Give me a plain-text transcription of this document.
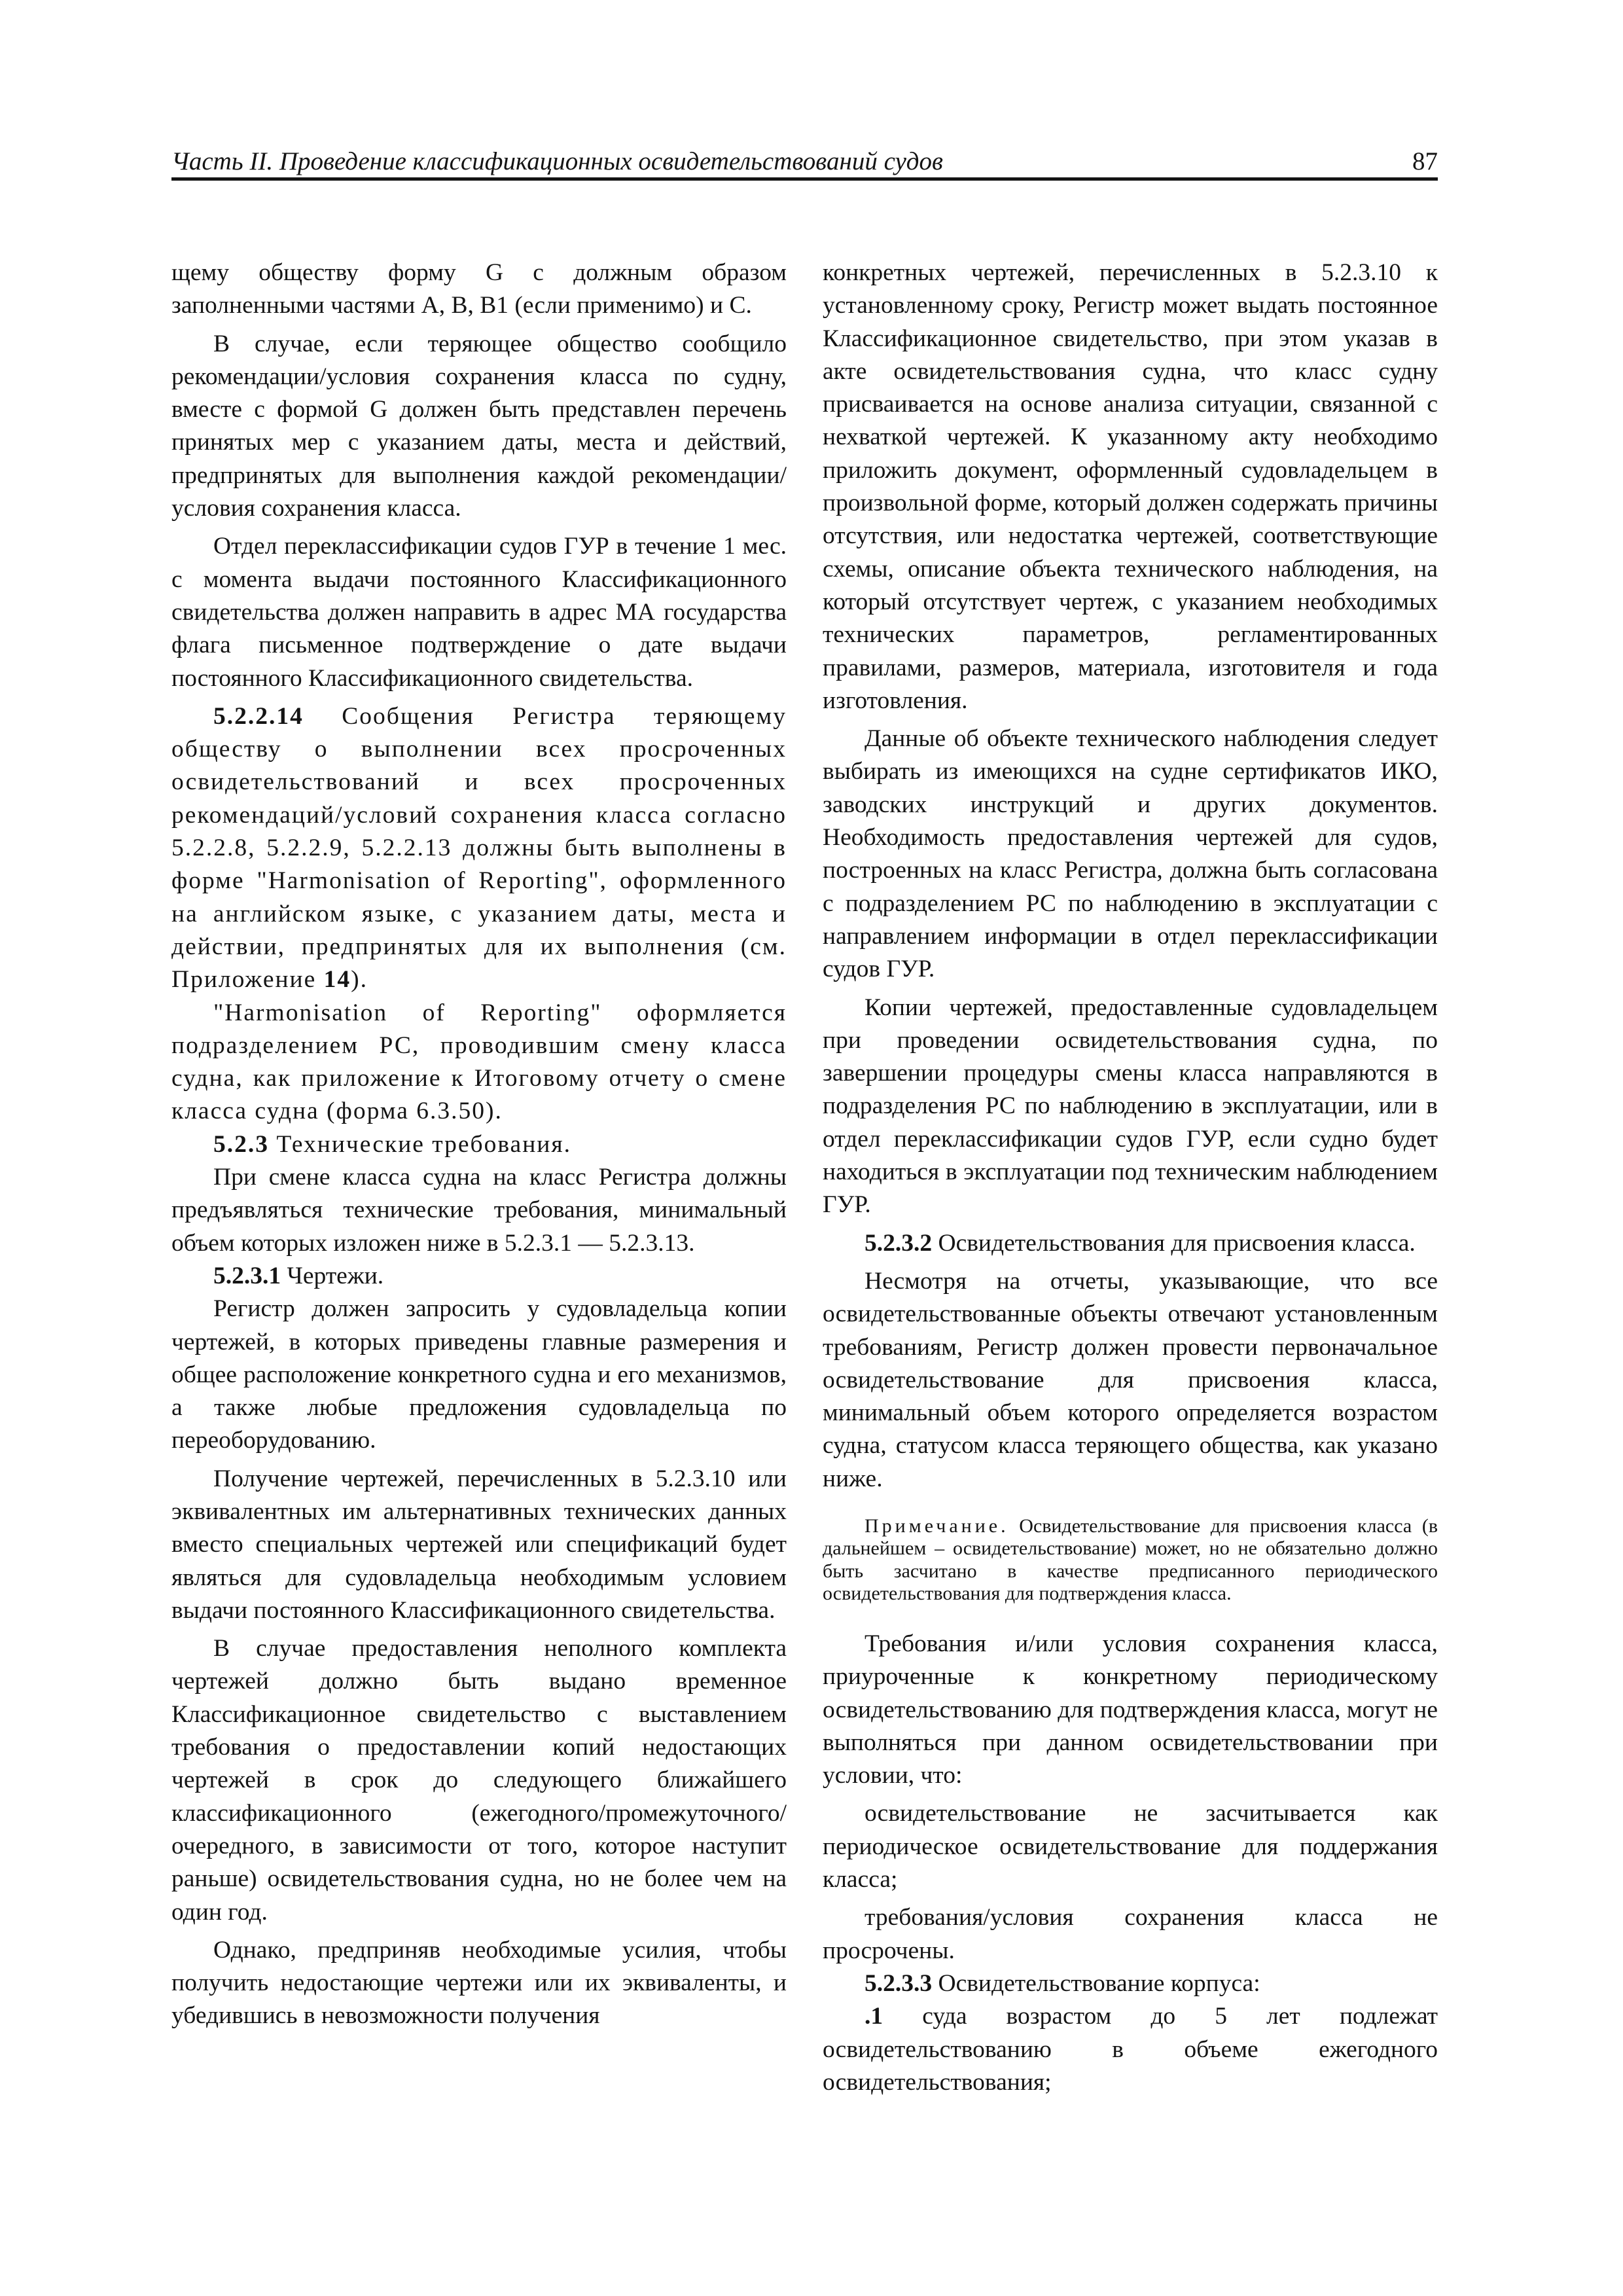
Часть II. Проведение классификационных освидетельствований судов	87

щему обществу форму G с должным образом заполненными частями A, B, B1 (если применимо) и С.

В случае, если теряющее общество сообщило рекомендации/условия сохранения класса по судну, вместе с формой G должен быть представлен перечень принятых мер с указанием даты, места и действий, предпринятых для выполнения каждой рекомендации/условия сохранения класса.

Отдел переклассификации судов ГУР в течение 1 мес. с момента выдачи постоянного Классификационного свидетельства должен направить в адрес МА государства флага письменное подтверждение о дате выдачи постоянного Классификационного свидетельства.

5.2.2.14 Сообщения Регистра теряющему обществу о выполнении всех просроченных освидетельствований и всех просроченных рекомендаций/условий сохранения класса согласно 5.2.2.8, 5.2.2.9, 5.2.2.13 должны быть выполнены в форме "Harmonisation of Reporting", оформленного на английском языке, с указанием даты, места и действии, предпринятых для их выполнения (см. Приложение 14).

"Harmonisation of Reporting" оформляется подразделением РС, проводившим смену класса судна, как приложение к Итоговому отчету о смене класса судна (форма 6.3.50).

5.2.3 Технические требования.

При смене класса судна на класс Регистра должны предъявляться технические требования, минимальный объем которых изложен ниже в 5.2.3.1 — 5.2.3.13.

5.2.3.1 Чертежи.

Регистр должен запросить у судовладельца копии чертежей, в которых приведены главные размерения и общее расположение конкретного судна и его механизмов, а также любые предложения судовладельца по переоборудованию.

Получение чертежей, перечисленных в 5.2.3.10 или эквивалентных им альтернативных технических данных вместо специальных чертежей или спецификаций будет являться для судовладельца необходимым условием выдачи постоянного Классификационного свидетельства.

В случае предоставления неполного комплекта чертежей должно быть выдано временное Классификационное свидетельство с выставлением требования о предоставлении копий недостающих чертежей в срок до следующего ближайшего классификационного (ежегодного/промежуточного/ очередного, в зависимости от того, которое наступит раньше) освидетельствования судна, но не более чем на один год.

Однако, предприняв необходимые усилия, чтобы получить недостающие чертежи или их эквиваленты, и убедившись в невозможности получения

конкретных чертежей, перечисленных в 5.2.3.10 к установленному сроку, Регистр может выдать постоянное Классификационное свидетельство, при этом указав в акте освидетельствования судна, что класс судну присваивается на основе анализа ситуации, связанной с нехваткой чертежей. К указанному акту необходимо приложить документ, оформленный судовладельцем в произвольной форме, который должен содержать причины отсутствия, или недостатка чертежей, соответствующие схемы, описание объекта технического наблюдения, на который отсутствует чертеж, с указанием необходимых технических параметров, регламентированных правилами, размеров, материала, изготовителя и года изготовления.

Данные об объекте технического наблюдения следует выбирать из имеющихся на судне сертификатов ИКО, заводских инструкций и других документов. Необходимость предоставления чертежей для судов, построенных на класс Регистра, должна быть согласована с подразделением РС по наблюдению в эксплуатации с направлением информации в отдел переклассификации судов ГУР.

Копии чертежей, предоставленные судовладельцем при проведении освидетельствования судна, по завершении процедуры смены класса направляются в подразделения РС по наблюдению в эксплуатации, или в отдел переклассификации судов ГУР, если судно будет находиться в эксплуатации под техническим наблюдением ГУР.

5.2.3.2 Освидетельствования для присвоения класса.

Несмотря на отчеты, указывающие, что все освидетельствованные объекты отвечают установленным требованиям, Регистр должен провести первоначальное освидетельствование для присвоения класса, минимальный объем которого определяется возрастом судна, статусом класса теряющего общества, как указано ниже.

Примечание. Освидетельствование для присвоения класса (в дальнейшем – освидетельствование) может, но не обязательно должно быть засчитано в качестве предписанного периодического освидетельствования для подтверждения класса.

Требования и/или условия сохранения класса, приуроченные к конкретному периодическому освидетельствованию для подтверждения класса, могут не выполняться при данном освидетельствовании при условии, что:

освидетельствование не засчитывается как периодическое освидетельствование для поддержания класса;

требования/условия сохранения класса не просрочены.

5.2.3.3 Освидетельствование корпуса:

.1 суда возрастом до 5 лет подлежат освидетельствованию в объеме ежегодного освидетельствования;
